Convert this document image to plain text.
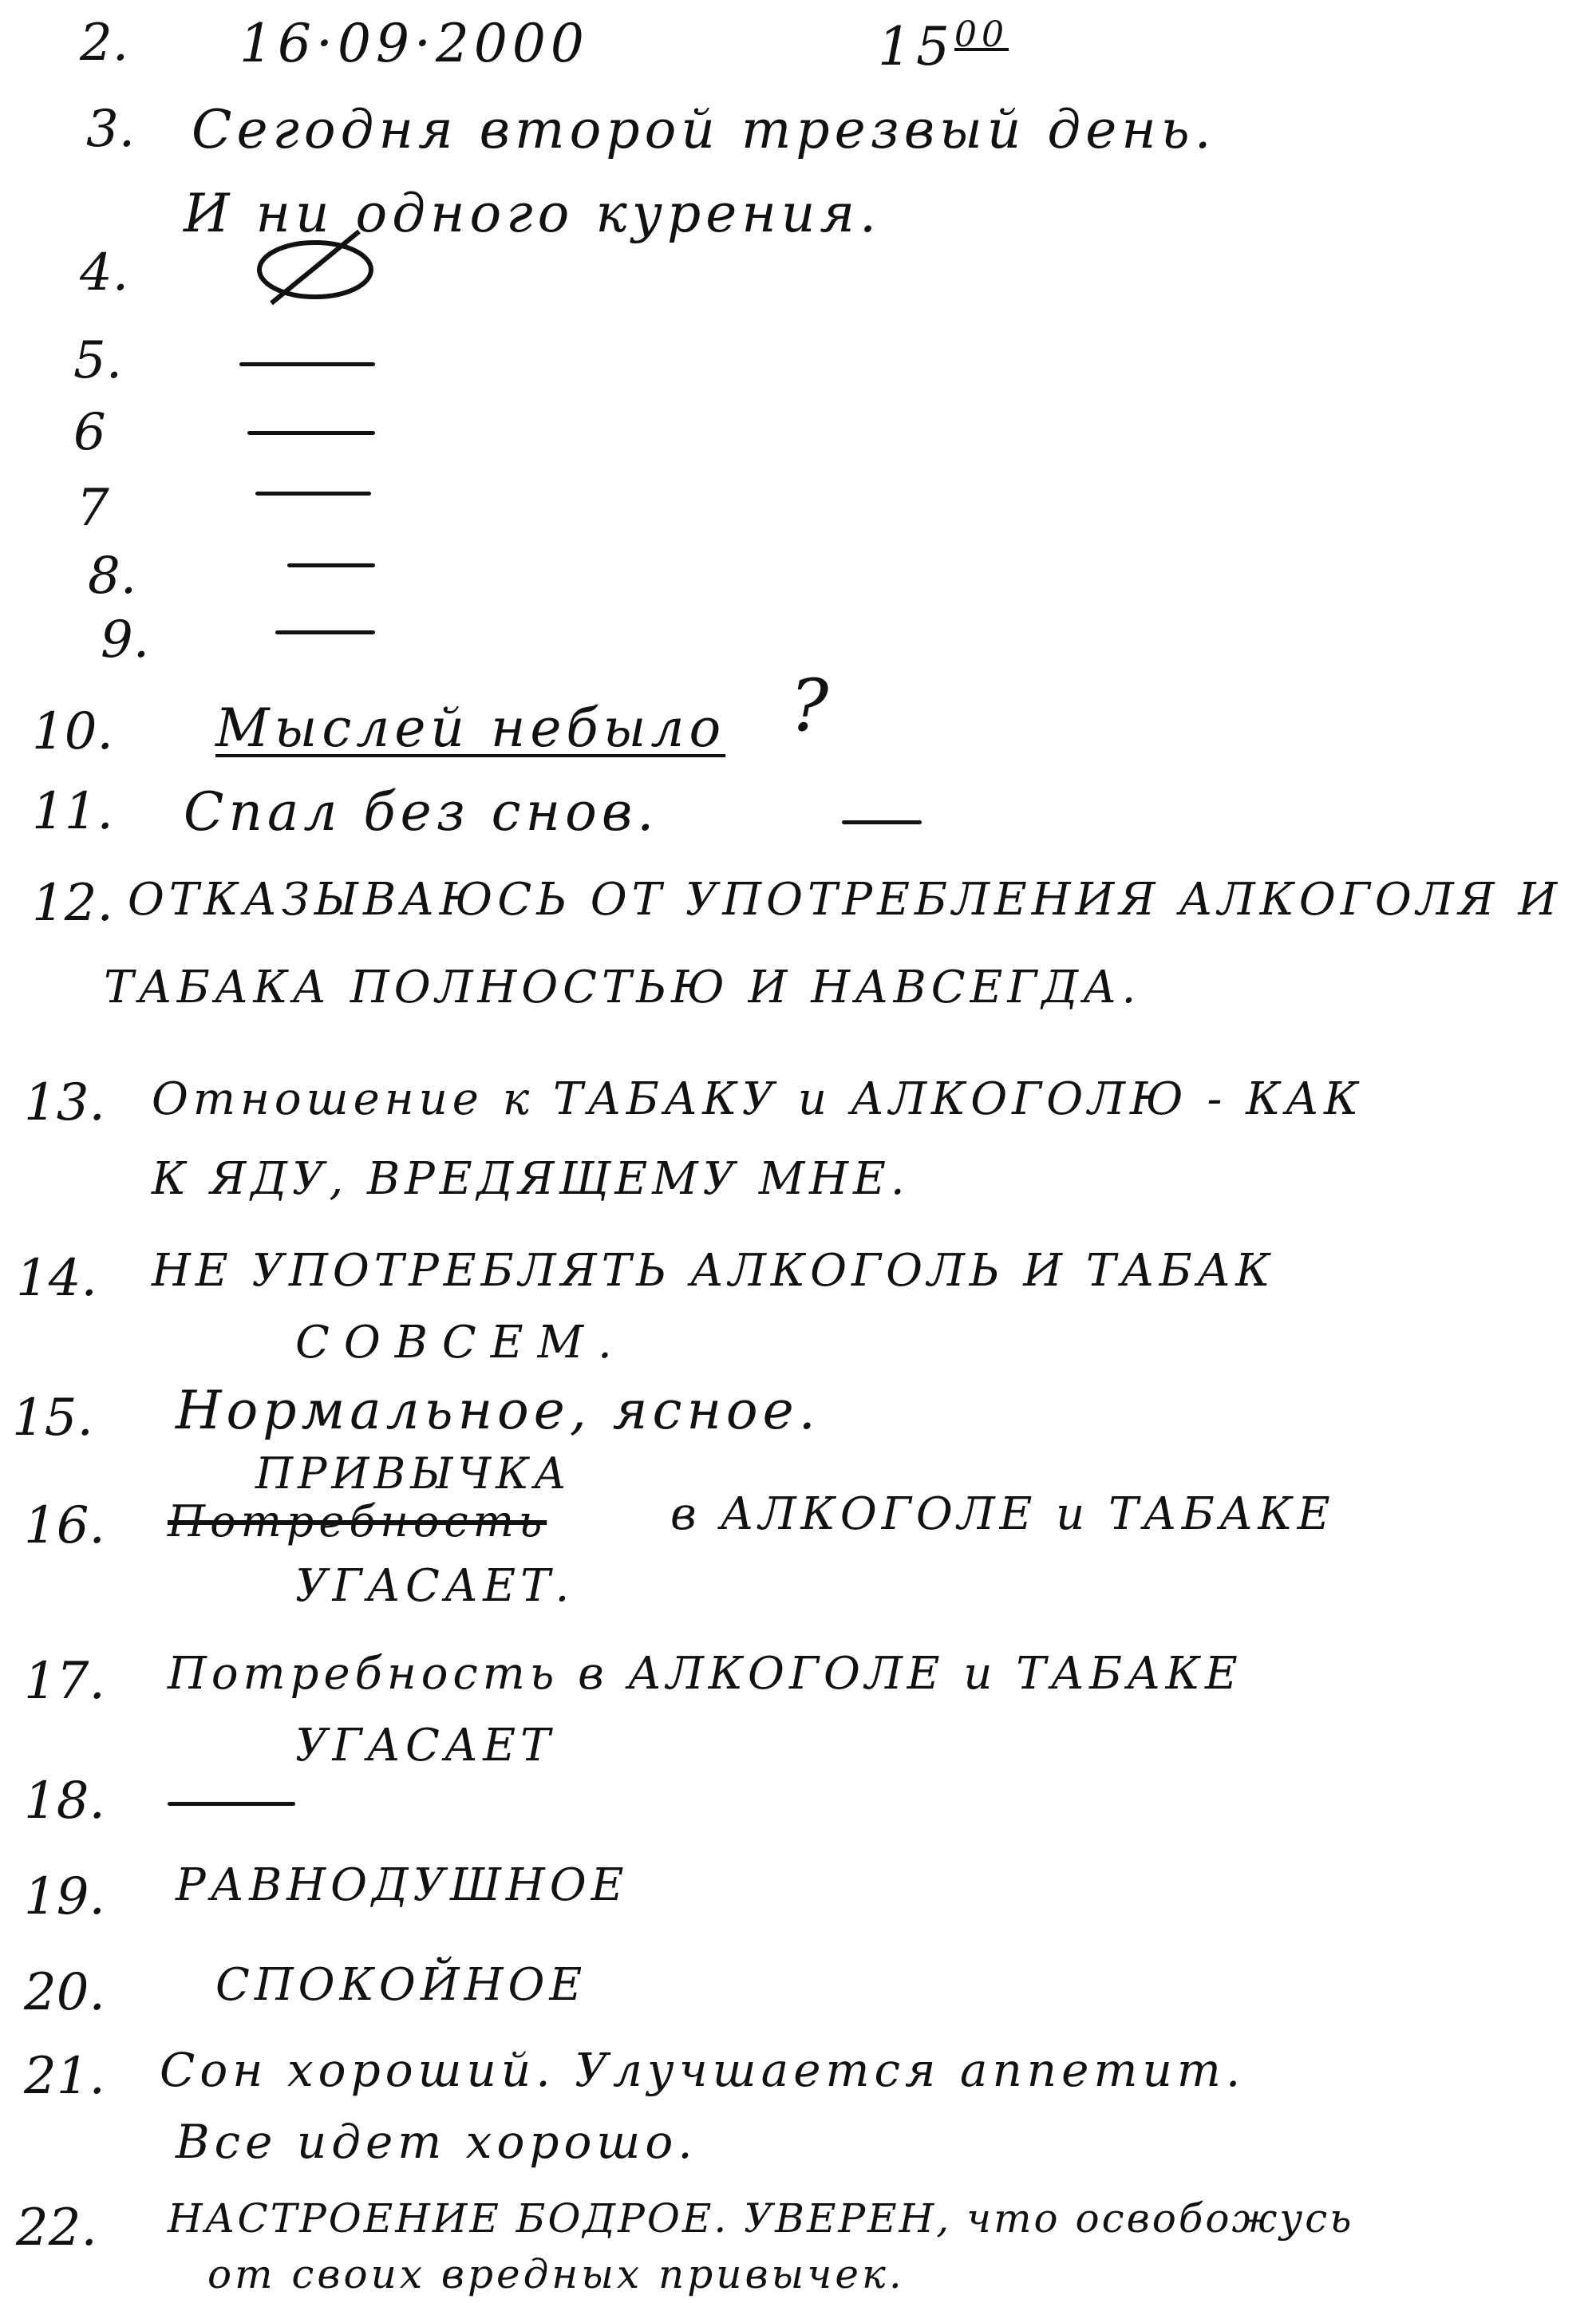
2. 16·09·2000	$15^{00}$
3. Сегодня второй трезвый день.
И ни одного курения.
4.
5.
6
7
8.
9.
10. Мыслей небыло ?
11. Спал без снов.
12. ОТКАЗЫВАЮСЬ ОТ УПОТРЕБЛЕНИЯ АЛКОГОЛЯ И
ТАБАКА ПОЛНОСТЬЮ И НАВСЕГДА.
13. Отношение к ТАБАКУ и АЛКОГОЛЮ - КАК
К ЯДУ, ВРЕДЯЩЕМУ МНЕ.
14. НЕ УПОТРЕБЛЯТЬ АЛКОГОЛЬ И ТАБАК
СОВСЕМ.
15. Нормальное, ясное.
16.
ПРИВЫЧКА
Потребность	в АЛКОГОЛЕ и ТАБАКЕ
УГАСАЕТ.
17. Потребность в АЛКОГОЛЕ и ТАБАКЕ
УГАСАЕТ
18.
19. РАВНОДУШНОЕ
20. СПОКОЙНОЕ
21. Сон хороший. Улучшается аппетит.
Все идет хорошо.
22. НАСТРОЕНИЕ БОДРОЕ. УВЕРЕН, что освобожусь
от своих вредных привычек.
